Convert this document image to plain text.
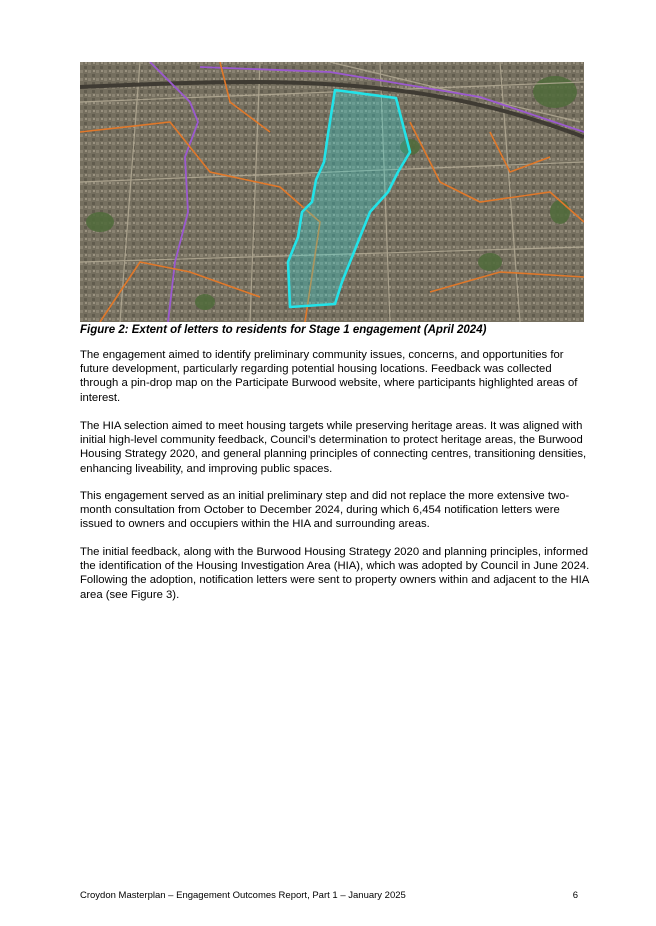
Figure 2: Extent of letters to residents for Stage 1 engagement (April 2024)

The engagement aimed to identify preliminary community issues, concerns, and opportunities for future development, particularly regarding potential housing locations. Feedback was collected through a pin-drop map on the Participate Burwood website, where participants highlighted areas of interest.

The HIA selection aimed to meet housing targets while preserving heritage areas. It was aligned with initial high-level community feedback, Council’s determination to protect heritage areas, the Burwood Housing Strategy 2020, and general planning principles of connecting centres, transitioning densities, enhancing liveability, and improving public spaces.

This engagement served as an initial preliminary step and did not replace the more extensive two-month consultation from October to December 2024, during which 6,454 notification letters were issued to owners and occupiers within the HIA and surrounding areas.

The initial feedback, along with the Burwood Housing Strategy 2020 and planning principles, informed the identification of the Housing Investigation Area (HIA), which was adopted by Council in June 2024. Following the adoption, notification letters were sent to property owners within and adjacent to the HIA area (see Figure 3).

Croydon Masterplan – Engagement Outcomes Report, Part 1 – January 2025	6
